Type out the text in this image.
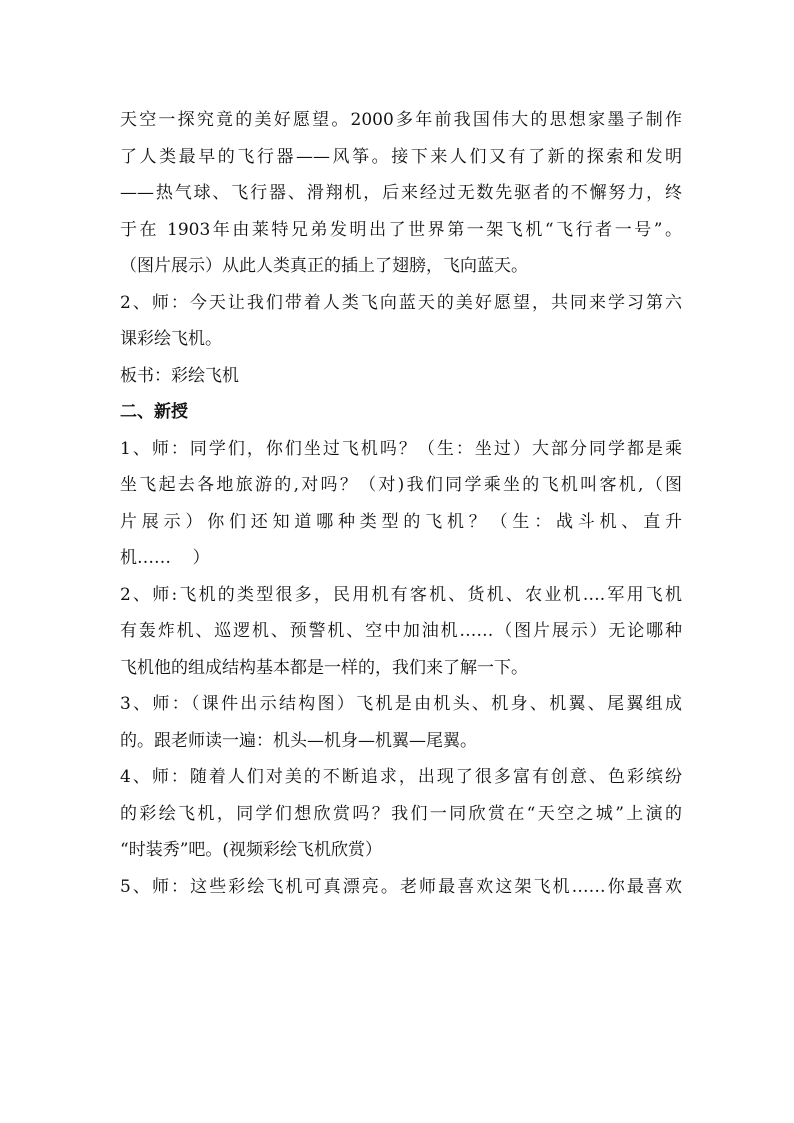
天空一探究竟的美好愿望。2000多年前我国伟大的思想家墨子制作
了人类最早的飞行器——风筝。接下来人们又有了新的探索和发明
——热气球、飞行器、滑翔机，后来经过无数先驱者的不懈努力，终
于在 1903年由莱特兄弟发明出了世界第一架飞机“飞行者一号”。
（图片展示）从此人类真正的插上了翅膀，飞向蓝天。
2、师：今天让我们带着人类飞向蓝天的美好愿望，共同来学习第六
课彩绘飞机。
板书：彩绘飞机
二、新授
1、师：同学们，你们坐过飞机吗？（生：坐过）大部分同学都是乘
坐飞起去各地旅游的,对吗？（对)我们同学乘坐的飞机叫客机,（图
片展示）你们还知道哪种类型的飞机？（生：战斗机、直升
机……    ）
2、师:飞机的类型很多，民用机有客机、货机、农业机….军用飞机
有轰炸机、巡逻机、预警机、空中加油机……（图片展示）无论哪种
飞机他的组成结构基本都是一样的，我们来了解一下。
3、师：（课件出示结构图）飞机是由机头、机身、机翼、尾翼组成
的。跟老师读一遍：机头—机身—机翼—尾翼。
4、师：随着人们对美的不断追求，出现了很多富有创意、色彩缤纷
的彩绘飞机，同学们想欣赏吗？我们一同欣赏在“天空之城”上演的
“时装秀”吧。(视频彩绘飞机欣赏）
5、师：这些彩绘飞机可真漂亮。老师最喜欢这架飞机……你最喜欢
